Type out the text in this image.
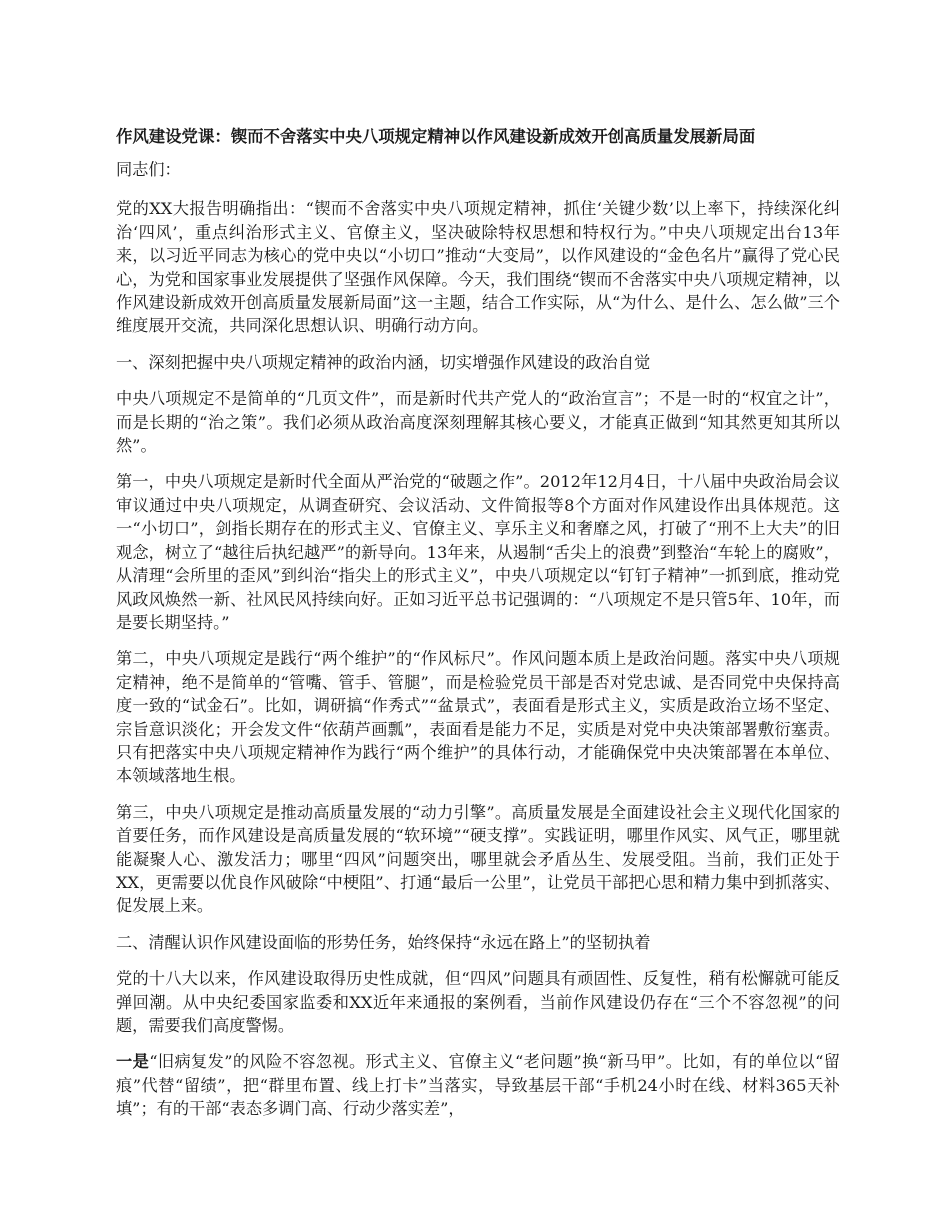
作风建设党课：锲而不舍落实中央八项规定精神以作风建设新成效开创高质量发展新局面

同志们：

党的XX大报告明确指出：“锲而不舍落实中央八项规定精神，抓住‘关键少数’以上率下，持续深化纠治‘四风’，重点纠治形式主义、官僚主义，坚决破除特权思想和特权行为。”中央八项规定出台13年来，以习近平同志为核心的党中央以“小切口”推动“大变局”，以作风建设的“金色名片”赢得了党心民心，为党和国家事业发展提供了坚强作风保障。今天，我们围绕“锲而不舍落实中央八项规定精神，以作风建设新成效开创高质量发展新局面”这一主题，结合工作实际，从“为什么、是什么、怎么做”三个维度展开交流，共同深化思想认识、明确行动方向。

一、深刻把握中央八项规定精神的政治内涵，切实增强作风建设的政治自觉

中央八项规定不是简单的“几页文件”，而是新时代共产党人的“政治宣言”；不是一时的“权宜之计”，而是长期的“治之策”。我们必须从政治高度深刻理解其核心要义，才能真正做到“知其然更知其所以然”。

第一，中央八项规定是新时代全面从严治党的“破题之作”。2012年12月4日，十八届中央政治局会议审议通过中央八项规定，从调查研究、会议活动、文件简报等8个方面对作风建设作出具体规范。这一“小切口”，剑指长期存在的形式主义、官僚主义、享乐主义和奢靡之风，打破了“刑不上大夫”的旧观念，树立了“越往后执纪越严”的新导向。13年来，从遏制“舌尖上的浪费”到整治“车轮上的腐败”，从清理“会所里的歪风”到纠治“指尖上的形式主义”，中央八项规定以“钉钉子精神”一抓到底，推动党风政风焕然一新、社风民风持续向好。正如习近平总书记强调的：“八项规定不是只管5年、10年，而是要长期坚持。”

第二，中央八项规定是践行“两个维护”的“作风标尺”。作风问题本质上是政治问题。落实中央八项规定精神，绝不是简单的“管嘴、管手、管腿”，而是检验党员干部是否对党忠诚、是否同党中央保持高度一致的“试金石”。比如，调研搞“作秀式”“盆景式”，表面看是形式主义，实质是政治立场不坚定、宗旨意识淡化；开会发文件“依葫芦画瓢”，表面看是能力不足，实质是对党中央决策部署敷衍塞责。只有把落实中央八项规定精神作为践行“两个维护”的具体行动，才能确保党中央决策部署在本单位、本领域落地生根。

第三，中央八项规定是推动高质量发展的“动力引擎”。高质量发展是全面建设社会主义现代化国家的首要任务，而作风建设是高质量发展的“软环境”“硬支撑”。实践证明，哪里作风实、风气正，哪里就能凝聚人心、激发活力；哪里“四风”问题突出，哪里就会矛盾丛生、发展受阻。当前，我们正处于XX，更需要以优良作风破除“中梗阻”、打通“最后一公里”，让党员干部把心思和精力集中到抓落实、促发展上来。

二、清醒认识作风建设面临的形势任务，始终保持“永远在路上”的坚韧执着

党的十八大以来，作风建设取得历史性成就，但“四风”问题具有顽固性、反复性，稍有松懈就可能反弹回潮。从中央纪委国家监委和XX近年来通报的案例看，当前作风建设仍存在“三个不容忽视”的问题，需要我们高度警惕。

一是“旧病复发”的风险不容忽视。形式主义、官僚主义“老问题”换“新马甲”。比如，有的单位以“留痕”代替“留绩”，把“群里布置、线上打卡”当落实，导致基层干部“手机24小时在线、材料365天补填”；有的干部“表态多调门高、行动少落实差”，
